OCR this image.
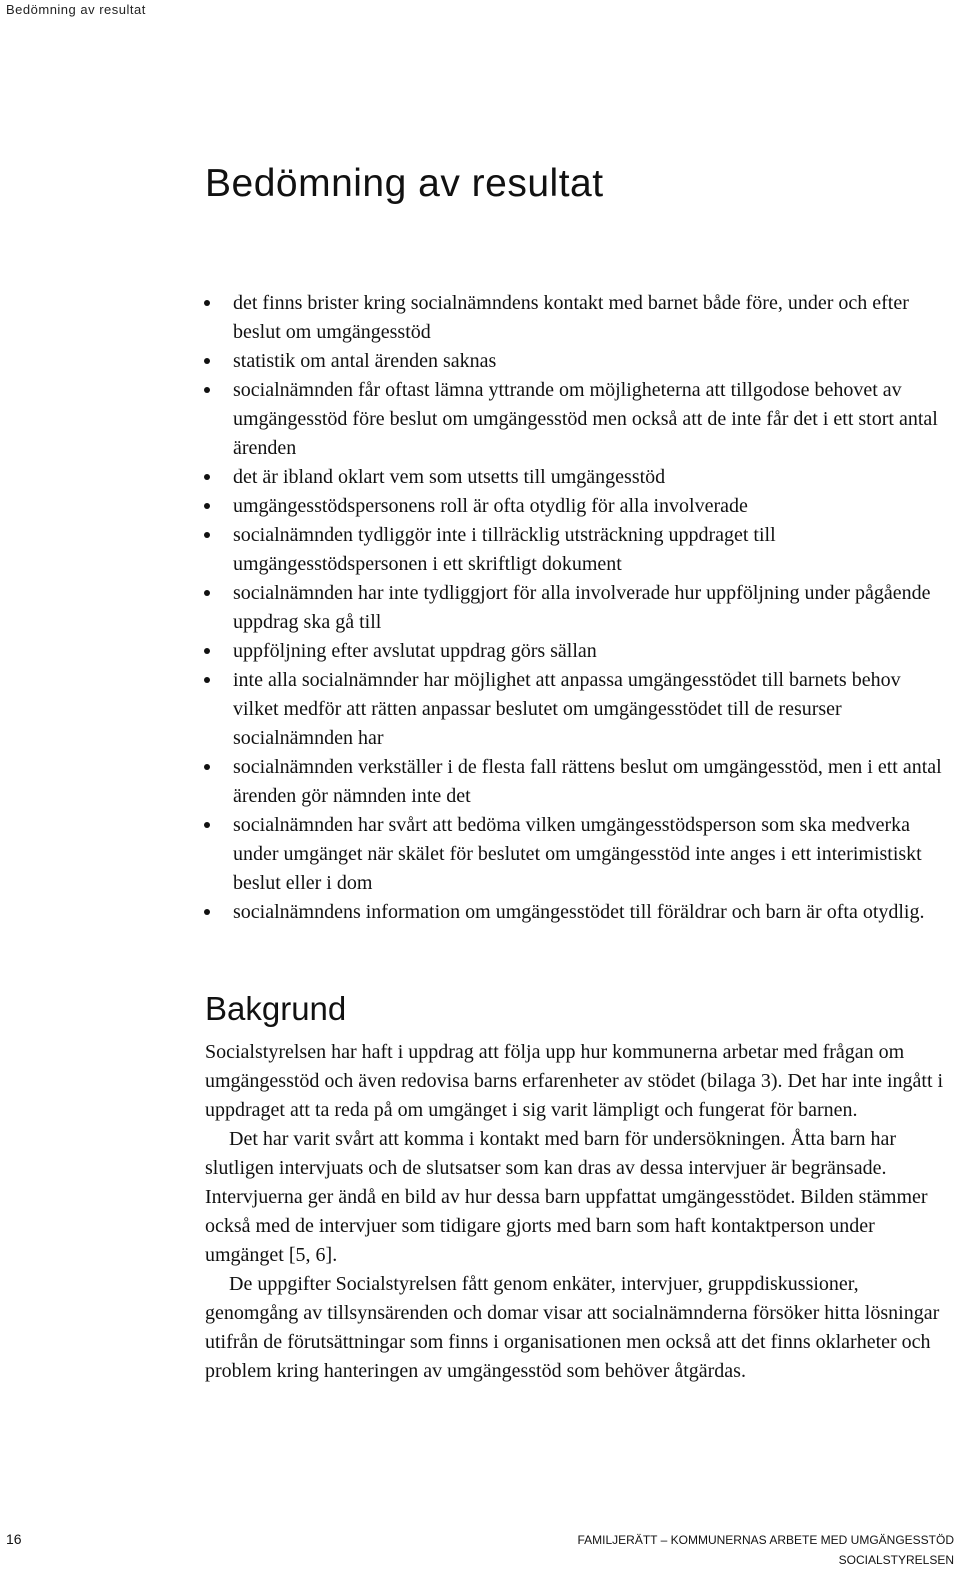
Bedömning av resultat
Bedömning av resultat
det finns brister kring socialnämndens kontakt med barnet både före, under och efter beslut om umgängesstöd
statistik om antal ärenden saknas
socialnämnden får oftast lämna yttrande om möjligheterna att tillgodose behovet av umgängesstöd före beslut om umgängesstöd men också att de inte får det i ett stort antal ärenden
det är ibland oklart vem som utsetts till umgängesstöd
umgängesstödspersonens roll är ofta otydlig för alla involverade
socialnämnden tydliggör inte i tillräcklig utsträckning uppdraget till umgängesstödspersonen i ett skriftligt dokument
socialnämnden har inte tydliggjort för alla involverade hur uppföljning under pågående uppdrag ska gå till
uppföljning efter avslutat uppdrag görs sällan
inte alla socialnämnder har möjlighet att anpassa umgängesstödet till barnets behov vilket medför att rätten anpassar beslutet om umgängesstödet till de resurser socialnämnden har
socialnämnden verkställer i de flesta fall rättens beslut om umgängesstöd, men i ett antal ärenden gör nämnden inte det
socialnämnden har svårt att bedöma vilken umgängesstödsperson som ska medverka under umgänget när skälet för beslutet om umgängesstöd inte anges i ett interimistiskt beslut eller i dom
socialnämndens information om umgängesstödet till föräldrar och barn är ofta otydlig.
Bakgrund

Socialstyrelsen har haft i uppdrag att följa upp hur kommunerna arbetar med frågan om umgängesstöd och även redovisa barns erfarenheter av stödet (bilaga 3). Det har inte ingått i uppdraget att ta reda på om umgänget i sig varit lämpligt och fungerat för barnen.

Det har varit svårt att komma i kontakt med barn för undersökningen. Åtta barn har slutligen intervjuats och de slutsatser som kan dras av dessa intervjuer är begränsade. Intervjuerna ger ändå en bild av hur dessa barn uppfattat umgängesstödet. Bilden stämmer också med de intervjuer som tidigare gjorts med barn som haft kontaktperson under umgänget [5, 6].

De uppgifter Socialstyrelsen fått genom enkäter, intervjuer, gruppdiskussioner, genomgång av tillsynsärenden och domar visar att socialnämnderna försöker hitta lösningar utifrån de förutsättningar som finns i organisationen men också att det finns oklarheter och problem kring hanteringen av umgängesstöd som behöver åtgärdas.

16	FAMILJERÄTT – KOMMUNERNAS ARBETE MED UMGÄNGESSTÖD
SOCIALSTYRELSEN
